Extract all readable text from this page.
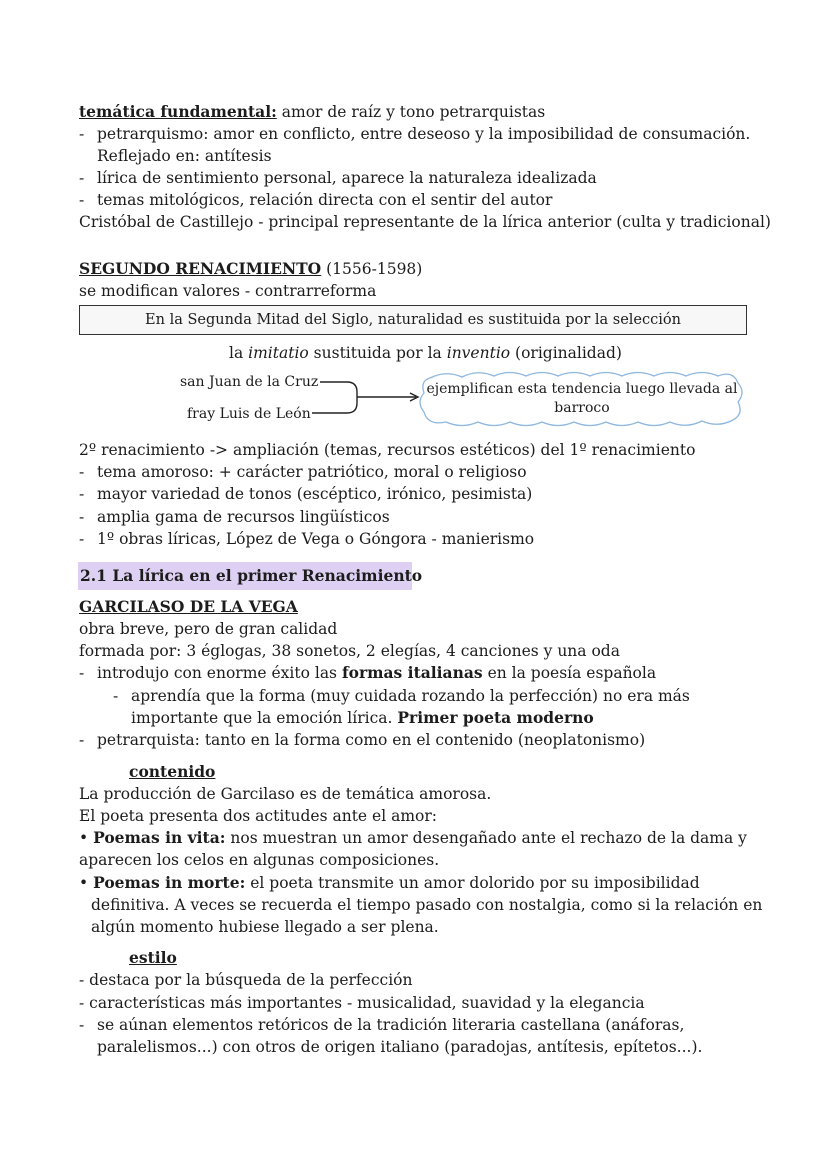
temática fundamental: amor de raíz y tono petrarquistas
- petrarquismo: amor en conflicto, entre deseoso y la imposibilidad de consumación.
Reflejado en: antítesis
- lírica de sentimiento personal, aparece la naturaleza idealizada
- temas mitológicos, relación directa con el sentir del autor
Cristóbal de Castillejo - principal representante de la lírica anterior (culta y tradicional)
SEGUNDO RENACIMIENTO (1556-1598)
se modifican valores - contrarreforma
En la Segunda Mitad del Siglo, naturalidad es sustituida por la selección
la imitatio sustituida por la inventio (originalidad)
san Juan de la Cruz
fray Luis de León
ejemplifican esta tendencia luego llevada al barroco
2º renacimiento -> ampliación (temas, recursos estéticos) del 1º renacimiento
- tema amoroso: + carácter patriótico, moral o religioso
- mayor variedad de tonos (escéptico, irónico, pesimista)
- amplia gama de recursos lingüísticos
- 1º obras líricas, López de Vega o Góngora - manierismo
2.1 La lírica en el primer Renacimiento
GARCILASO DE LA VEGA
obra breve, pero de gran calidad
formada por: 3 églogas, 38 sonetos, 2 elegías, 4 canciones y una oda
- introdujo con enorme éxito las formas italianas en la poesía española
- aprendía que la forma (muy cuidada rozando la perfección) no era más
importante que la emoción lírica. Primer poeta moderno
- petrarquista: tanto en la forma como en el contenido (neoplatonismo)
contenido
La producción de Garcilaso es de temática amorosa.
El poeta presenta dos actitudes ante el amor:
• Poemas in vita: nos muestran un amor desengañado ante el rechazo de la dama y
aparecen los celos en algunas composiciones.
• Poemas in morte: el poeta transmite un amor dolorido por su imposibilidad
definitiva. A veces se recuerda el tiempo pasado con nostalgia, como si la relación en
algún momento hubiese llegado a ser plena.
estilo
- destaca por la búsqueda de la perfección
- características más importantes - musicalidad, suavidad y la elegancia
- se aúnan elementos retóricos de la tradición literaria castellana (anáforas,
paralelismos...) con otros de origen italiano (paradojas, antítesis, epítetos...).
